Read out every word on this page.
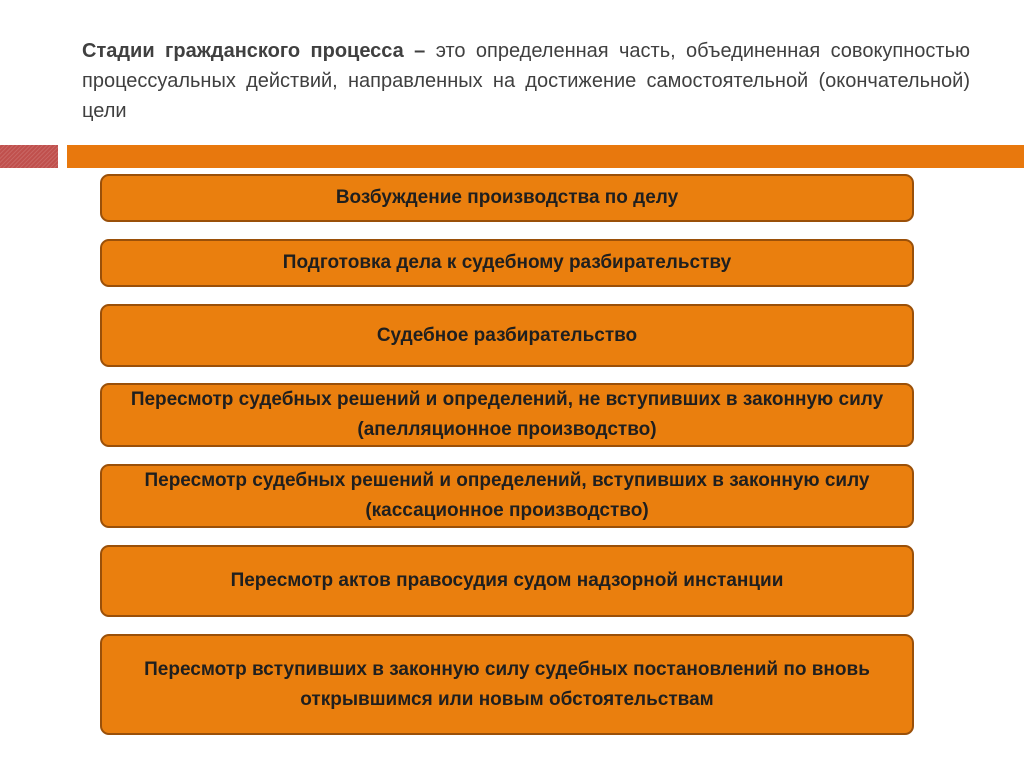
Стадии гражданского процесса – это определенная часть, объединенная совокупностью процессуальных действий, направленных на достижение самостоятельной (окончательной) цели

Возбуждение производства по делу
Подготовка дела к судебному разбирательству
Судебное разбирательство
Пересмотр судебных решений и определений, не вступивших в законную силу (апелляционное производство)
Пересмотр судебных решений и определений, вступивших в законную силу (кассационное производство)
Пересмотр актов правосудия судом надзорной инстанции
Пересмотр вступивших в законную силу судебных постановлений по вновь открывшимся или новым обстоятельствам
